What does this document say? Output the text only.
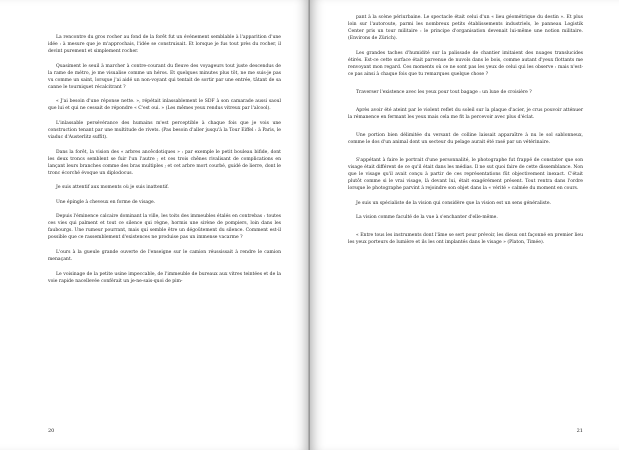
La rencontre du gros rocher au fond de la forêt fut un événement semblable à l'apparition d'une idée : à mesure que je m'approchais, l'idée se construisait. Et lorsque je fus tout près du rocher, il devint purement et simplement rocher.

Quasiment le seuil à marcher à contre-courant du fleuve des voyageurs tout juste descendus de la rame de métro, je me visualise comme un héros. Et quelques minutes plus tôt, ne me suis-je pas vu comme un saint, lorsque j'ai aidé un non-voyant qui tentait de sortir par une entrée, tâtant de sa canne le tourniquet récalcitrant ?

« J'ai besoin d'une réponse nette. », répétait inlassablement le SDF à son camarade aussi saoul que lui et qui ne cessait de répondre « C'est oui. » (Les mêmes yeux rendus vitreux par l'alcool).

L'inlassable persévérance des humains m'est perceptible à chaque fois que je vois une construction tenant par une multitude de rivets. (Pas besoin d'aller jusqu'à la Tour Eiffel : à Paris, le viaduc d'Austerlitz suffit).

Dans la forêt, la vision des « arbres ancêcdotiques » : par exemple le petit bouleau bifide, dont les deux troncs semblent se fuir l'un l'autre ; et ces trois chênes rivalisant de complications en lançant leurs branches comme des bras multiples ; et cet arbre mort courbé, guidé de lierre, dont le tronc écorché évoque un diplodocus.

Je suis attentif aux moments où je suis inattentif.

Une épingle à cheveux en forme de visage.

Depuis l'éminence calcaire dominant la ville, les toits des immeubles étalés en contrebas : toutes ces vies qui palment et tout ce silence qui règne, hormis une sirène de pompiers, loin dans les faubourgs. Une rumeur pourrant, mais qui semble être un dégoûtement du silence. Comment est-il possible que ce rassemblement d'existences ne produise pas un immense vacarme ?

L'ours à la gueule grande ouverte de l'enseigne sur le camion réussissait à rendre le camion menaçant.

Le voisinage de la petite usine impeccable, de l'immeuble de bureaux aux vitres teintées et de la voie rapide nacellevée conférait un je-ne-sais-quoi de pim-

20

pant à la scène périurbaine. Le spectacle était celui d'un « lieu géométrique du destin ». Et plus loin sur l'autoroute, parmi les nombreux petits établissements industriels, le panneau Logistik Center pris un tour militaire : le principe d'organisation devenait lui-même une notion militaire. (Environs de Zürich).

Les grandes taches d'humidité sur la palissade de chantier imitaient des nuages translucides étirés. Est-ce cette surface était parvenue de nuvols dans le bois, comme autant d'yeux flottants me renvoyant mon regard. Ces moments où ce ne sont pas les yeux de celui qui les observe : mais n'est-ce pas ainsi à chaque fois que tu remarques quelque chose ?

Traverser l'existence avec les yeux pour tout bagage : un luxe de croisière ?

Après avoir été ateint par le violent reflet du soleil sur la plaque d'acier, je crus pouvoir atténuer la rémanence en fermant les yeux mais cela me fit la percevoir avec plus d'éclat.

Une portion bien délimitée du versant de colline laissait apparaître à nu le sol sablonneux, comme le dos d'un animal dont un secteur du pelage aurait été rasé par un vétérinaire.

S'appétant à faire le portrait d'une personnalité, le photographe fut frappé de constater que son visage était différent de ce qu'il était dans les médias. Il ne sut quoi faire de cette dissemblance. Non que le visage qu'il avait conçu à partir de ces représentations fût objectivement inexact. C'était plutôt comme si le vrai visage, là devant lui, était exagérément présent. Tout rentra dans l'ordre lorsque le photographe parvint à rejoindre son objet dans la « vérité » calmée du moment en cours.

Je suis un spécialiste de la vision qui considère que la vision est un sens généraliste.

La vision comme faculté de la vue à s'enchanter d'elle-même.

« Entre tous les instruments dont l'âme se sert pour prévoir, les dieux ont façonné en premier lieu les yeux porteurs de lumière et ils les ont implantés dans le visage » (Platon, Timée).

21
